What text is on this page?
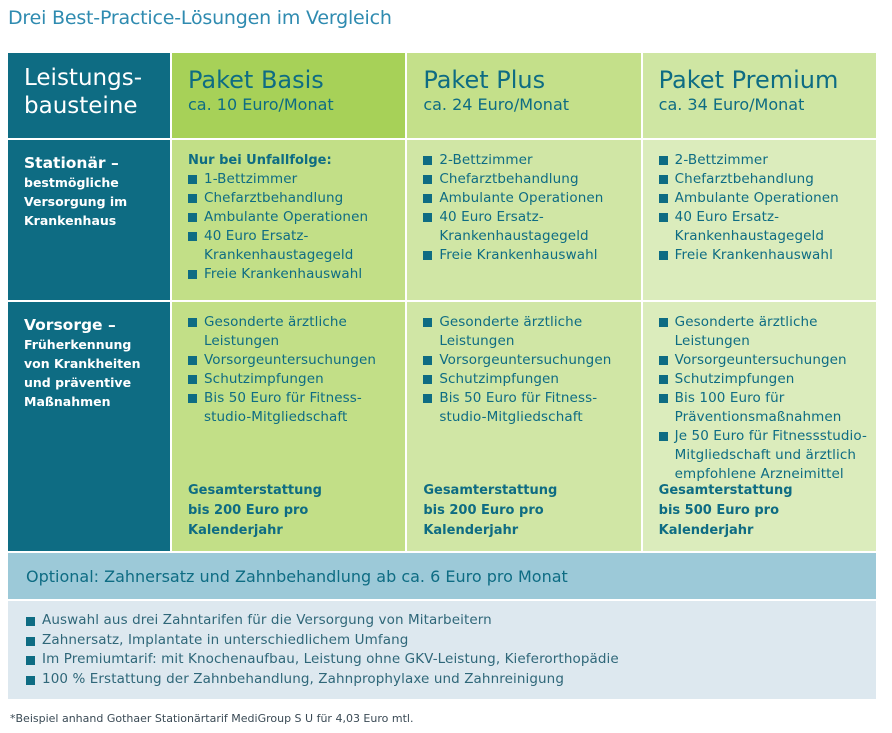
Drei Best-Practice-Lösungen im Vergleich
Leistungs-
bausteine
Paket Basis
ca. 10 Euro/Monat
Paket Plus
ca. 24 Euro/Monat
Paket Premium
ca. 34 Euro/Monat
Stationär –
bestmögliche
Versorgung im
Krankenhaus
Nur bei Unfallfolge:
1-Bettzimmer
Chefarztbehandlung
Ambulante Operationen
40 Euro Ersatz-Krankenhaustagegeld
Freie Krankenhauswahl
2-Bettzimmer
Chefarztbehandlung
Ambulante Operationen
40 Euro Ersatz-Krankenhaustagegeld
Freie Krankenhauswahl
2-Bettzimmer
Chefarztbehandlung
Ambulante Operationen
40 Euro Ersatz-Krankenhaustagegeld
Freie Krankenhauswahl
Vorsorge –
Früherkennung
von Krankheiten
und präventive
Maßnahmen
Gesonderte ärztliche Leistungen
Vorsorgeuntersuchungen
Schutzimpfungen
Bis 50 Euro für Fitness-studio-Mitgliedschaft
Gesamterstattung
bis 200 Euro pro Kalenderjahr
Gesonderte ärztliche Leistungen
Vorsorgeuntersuchungen
Schutzimpfungen
Bis 50 Euro für Fitness-studio-Mitgliedschaft
Gesamterstattung
bis 200 Euro pro Kalenderjahr
Gesonderte ärztliche Leistungen
Vorsorgeuntersuchungen
Schutzimpfungen
Bis 100 Euro für Präventionsmaßnahmen
Je 50 Euro für Fitnessstudio-Mitgliedschaft und ärztlich empfohlene Arzneimittel
Gesamterstattung
bis 500 Euro pro Kalenderjahr
Optional: Zahnersatz und Zahnbehandlung ab ca. 6 Euro pro Monat
Auswahl aus drei Zahntarifen für die Versorgung von Mitarbeitern
Zahnersatz, Implantate in unterschiedlichem Umfang
Im Premiumtarif: mit Knochenaufbau, Leistung ohne GKV-Leistung, Kieferorthopädie
100 % Erstattung der Zahnbehandlung, Zahnprophylaxe und Zahnreinigung
*Beispiel anhand Gothaer Stationärtarif MediGroup S U für 4,03 Euro mtl.
